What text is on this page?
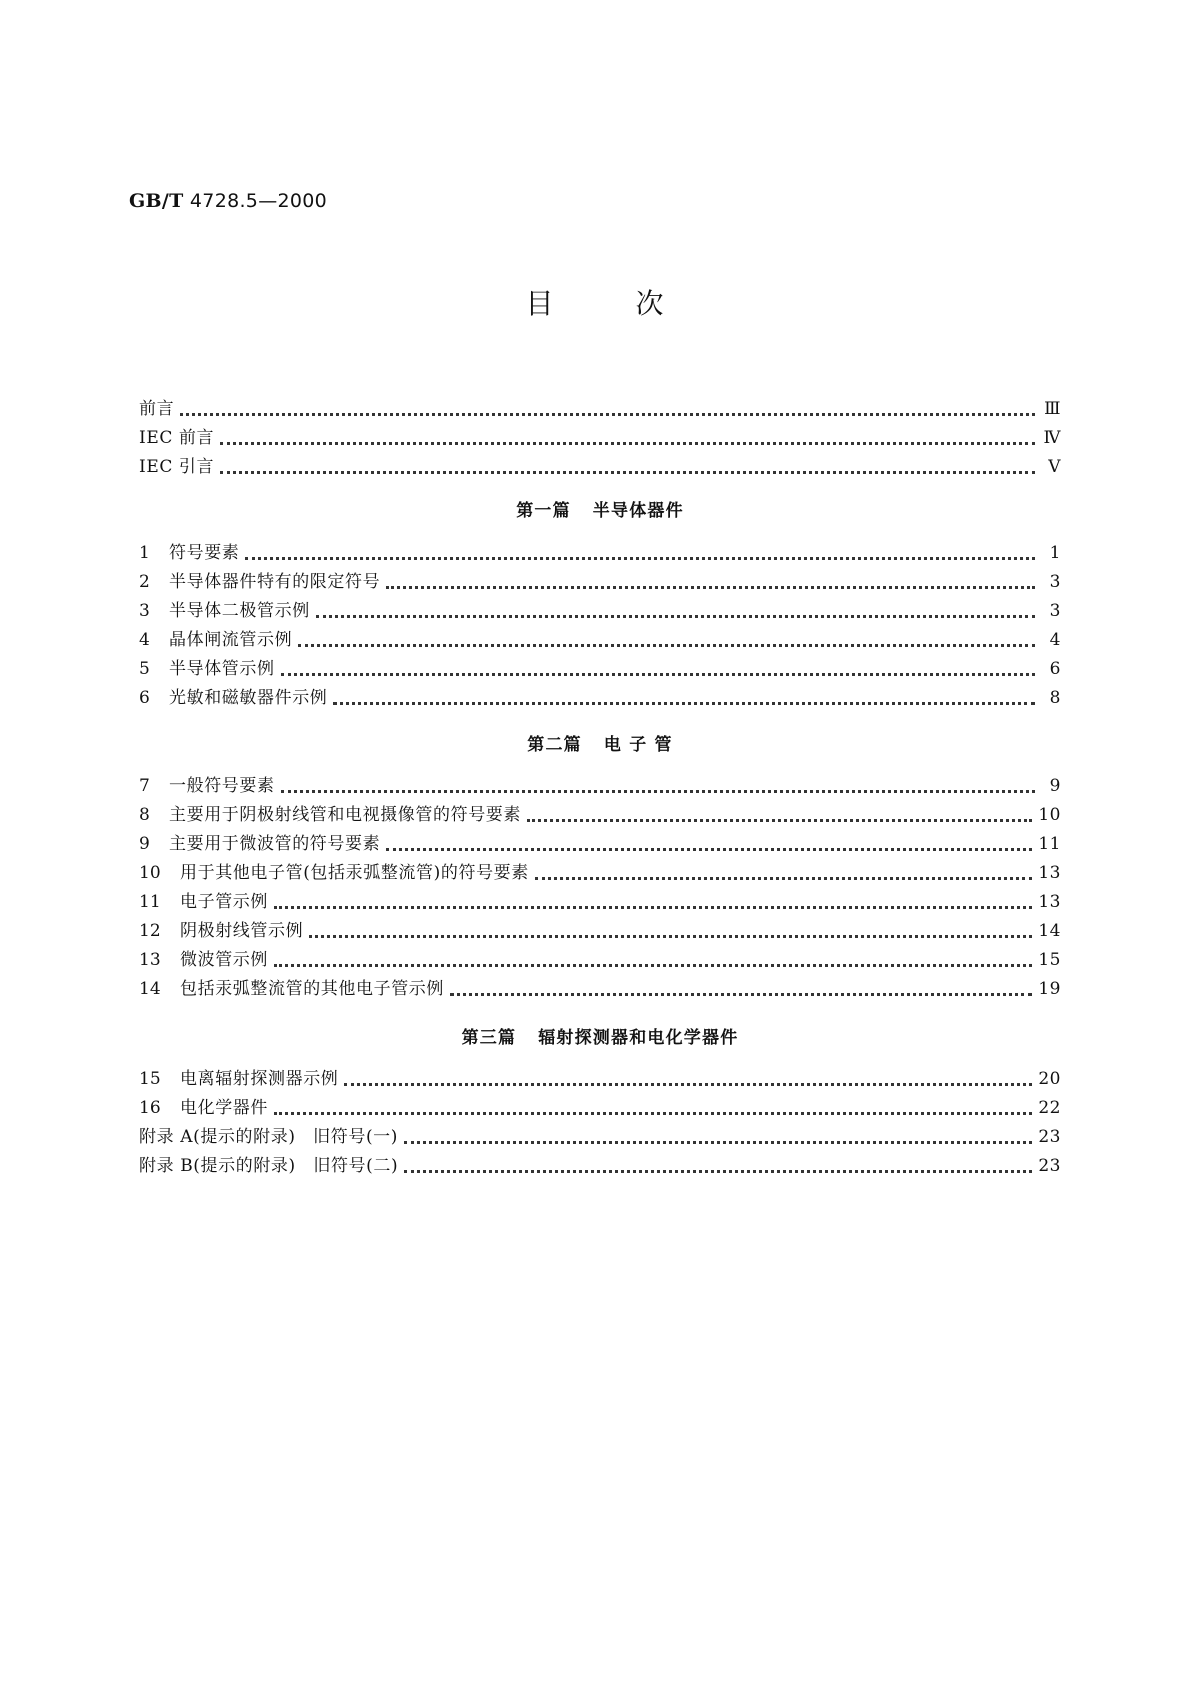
GB/T 4728.5—2000
目	次
前言	Ⅲ
IEC 前言	Ⅳ
IEC 引言	Ⅴ
第一篇 半导体器件
1	符号要素	1
2	半导体器件特有的限定符号	3
3	半导体二极管示例	3
4	晶体闸流管示例	4
5	半导体管示例	6
6	光敏和磁敏器件示例	8
第二篇 电 子 管
7	一般符号要素	9
8	主要用于阴极射线管和电视摄像管的符号要素	10
9	主要用于微波管的符号要素	11
10	用于其他电子管(包括汞弧整流管)的符号要素	13
11	电子管示例	13
12	阴极射线管示例	14
13	微波管示例	15
14	包括汞弧整流管的其他电子管示例	19
第三篇 辐射探测器和电化学器件
15	电离辐射探测器示例	20
16	电化学器件	22
附录 A(提示的附录)　旧符号(一)	23
附录 B(提示的附录)　旧符号(二)	23
